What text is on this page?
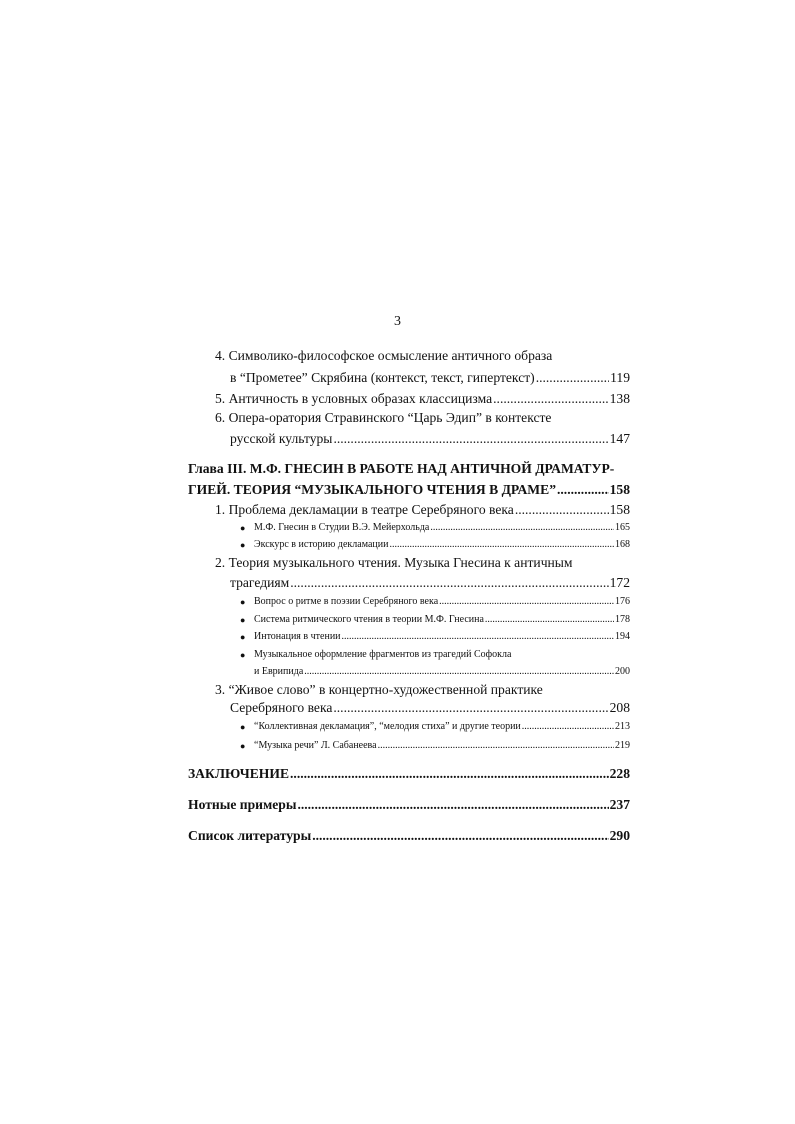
3
4. Символико-философское осмысление античного образа
в “Прометее” Скрябина (контекст, текст, гипертекст) .....	119
5. Античность в условных образах классицизма .....	138
6. Опера-оратория Стравинского “Царь Эдип” в контексте
русской культуры .....	147
Глава III. М.Ф. ГНЕСИН В РАБОТЕ НАД АНТИЧНОЙ ДРАМАТУР-
ГИЕЙ. ТЕОРИЯ “МУЗЫКАЛЬНОГО ЧТЕНИЯ В ДРАМЕ” .....	158
1. Проблема декламации в театре Серебряного века .....	158
● М.Ф. Гнесин в Студии В.Э. Мейерхольда .....	165
● Экскурс в историю декламации .....	168
2. Теория музыкального чтения. Музыка Гнесина к античным
трагедиям .....	172
● Вопрос о ритме в поэзии Серебряного века .....	176
● Система ритмического чтения в теории М.Ф. Гнесина .....	178
● Интонация в чтении .....	194
● Музыкальное оформление фрагментов из трагедий Софокла
и Еврипида .....	200
3. “Живое слово” в концертно-художественной практике
Серебряного века .....	208
● “Коллективная декламация”, “мелодия стиха” и другие теории .....	213
● “Музыка речи” Л. Сабанеева .....	219
ЗАКЛЮЧЕНИЕ .....	228
Нотные примеры .....	237
Список литературы .....	290
